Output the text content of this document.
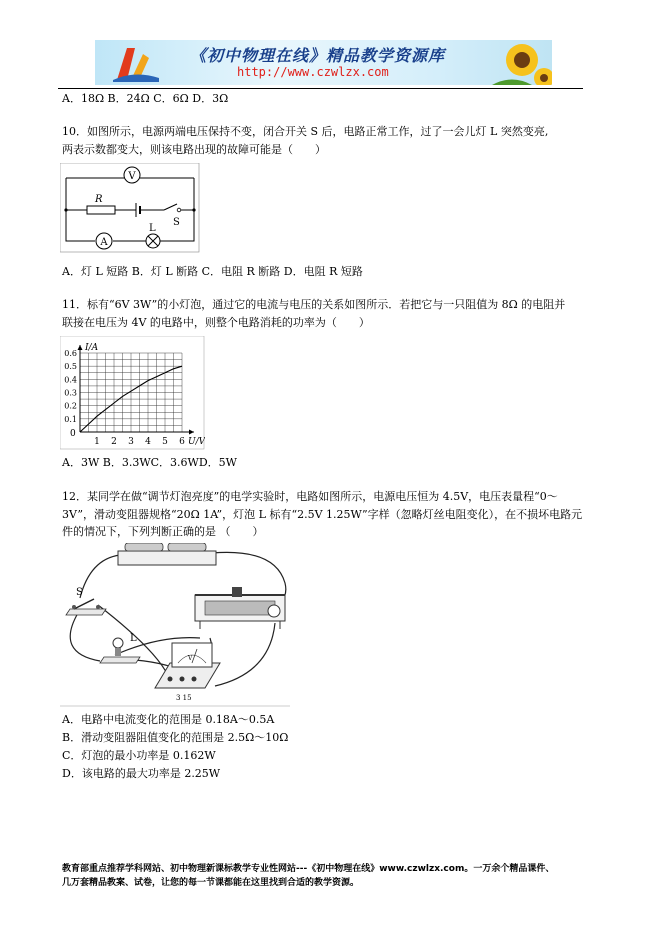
《初中物理在线》精品教学资源库
http://www.czwlzx.com
A．18Ω B．24Ω C．6Ω D．3Ω
10．如图所示，电源两端电压保持不变，闭合开关 S 后，电路正常工作，过了一会儿灯 L 突然变亮,
两表示数都变大，则该电路出现的故障可能是（　　）
V
A
R
S
L
A．灯 L 短路 B．灯 L 断路 C．电阻 R 断路 D．电阻 R 短路
11．标有“6V 3W”的小灯泡，通过它的电流与电压的关系如图所示．若把它与一只阻值为 8Ω 的电阻并
联接在电压为 4V 的电路中，则整个电路消耗的功率为（　　）
1 2 3 4 5 6
0.1
0.2
0.3
0.4
0.5
0.6
I/A
U/V
0
A．3W B．3.3WC．3.6WD．5W
12．某同学在做“调节灯泡亮度”的电学实验时，电路如图所示，电源电压恒为 4.5V，电压表量程“0～
3V”，滑动变阻器规格“20Ω 1A”，灯泡 L 标有“2.5V 1.25W”字样（忽略灯丝电阻变化），在不损坏电路元
件的情况下，下列判断正确的是 （　　）
S
L
V
3 15
A．电路中电流变化的范围是 0.18A～0.5A
B．滑动变阻器阻值变化的范围是 2.5Ω～10Ω
C．灯泡的最小功率是 0.162W
D．该电路的最大功率是 2.25W
教育部重点推荐学科网站、初中物理新课标教学专业性网站---《初中物理在线》www.czwlzx.com。一万余个精品课件、
几万套精品教案、试卷，让您的每一节课都能在这里找到合适的教学资源。
